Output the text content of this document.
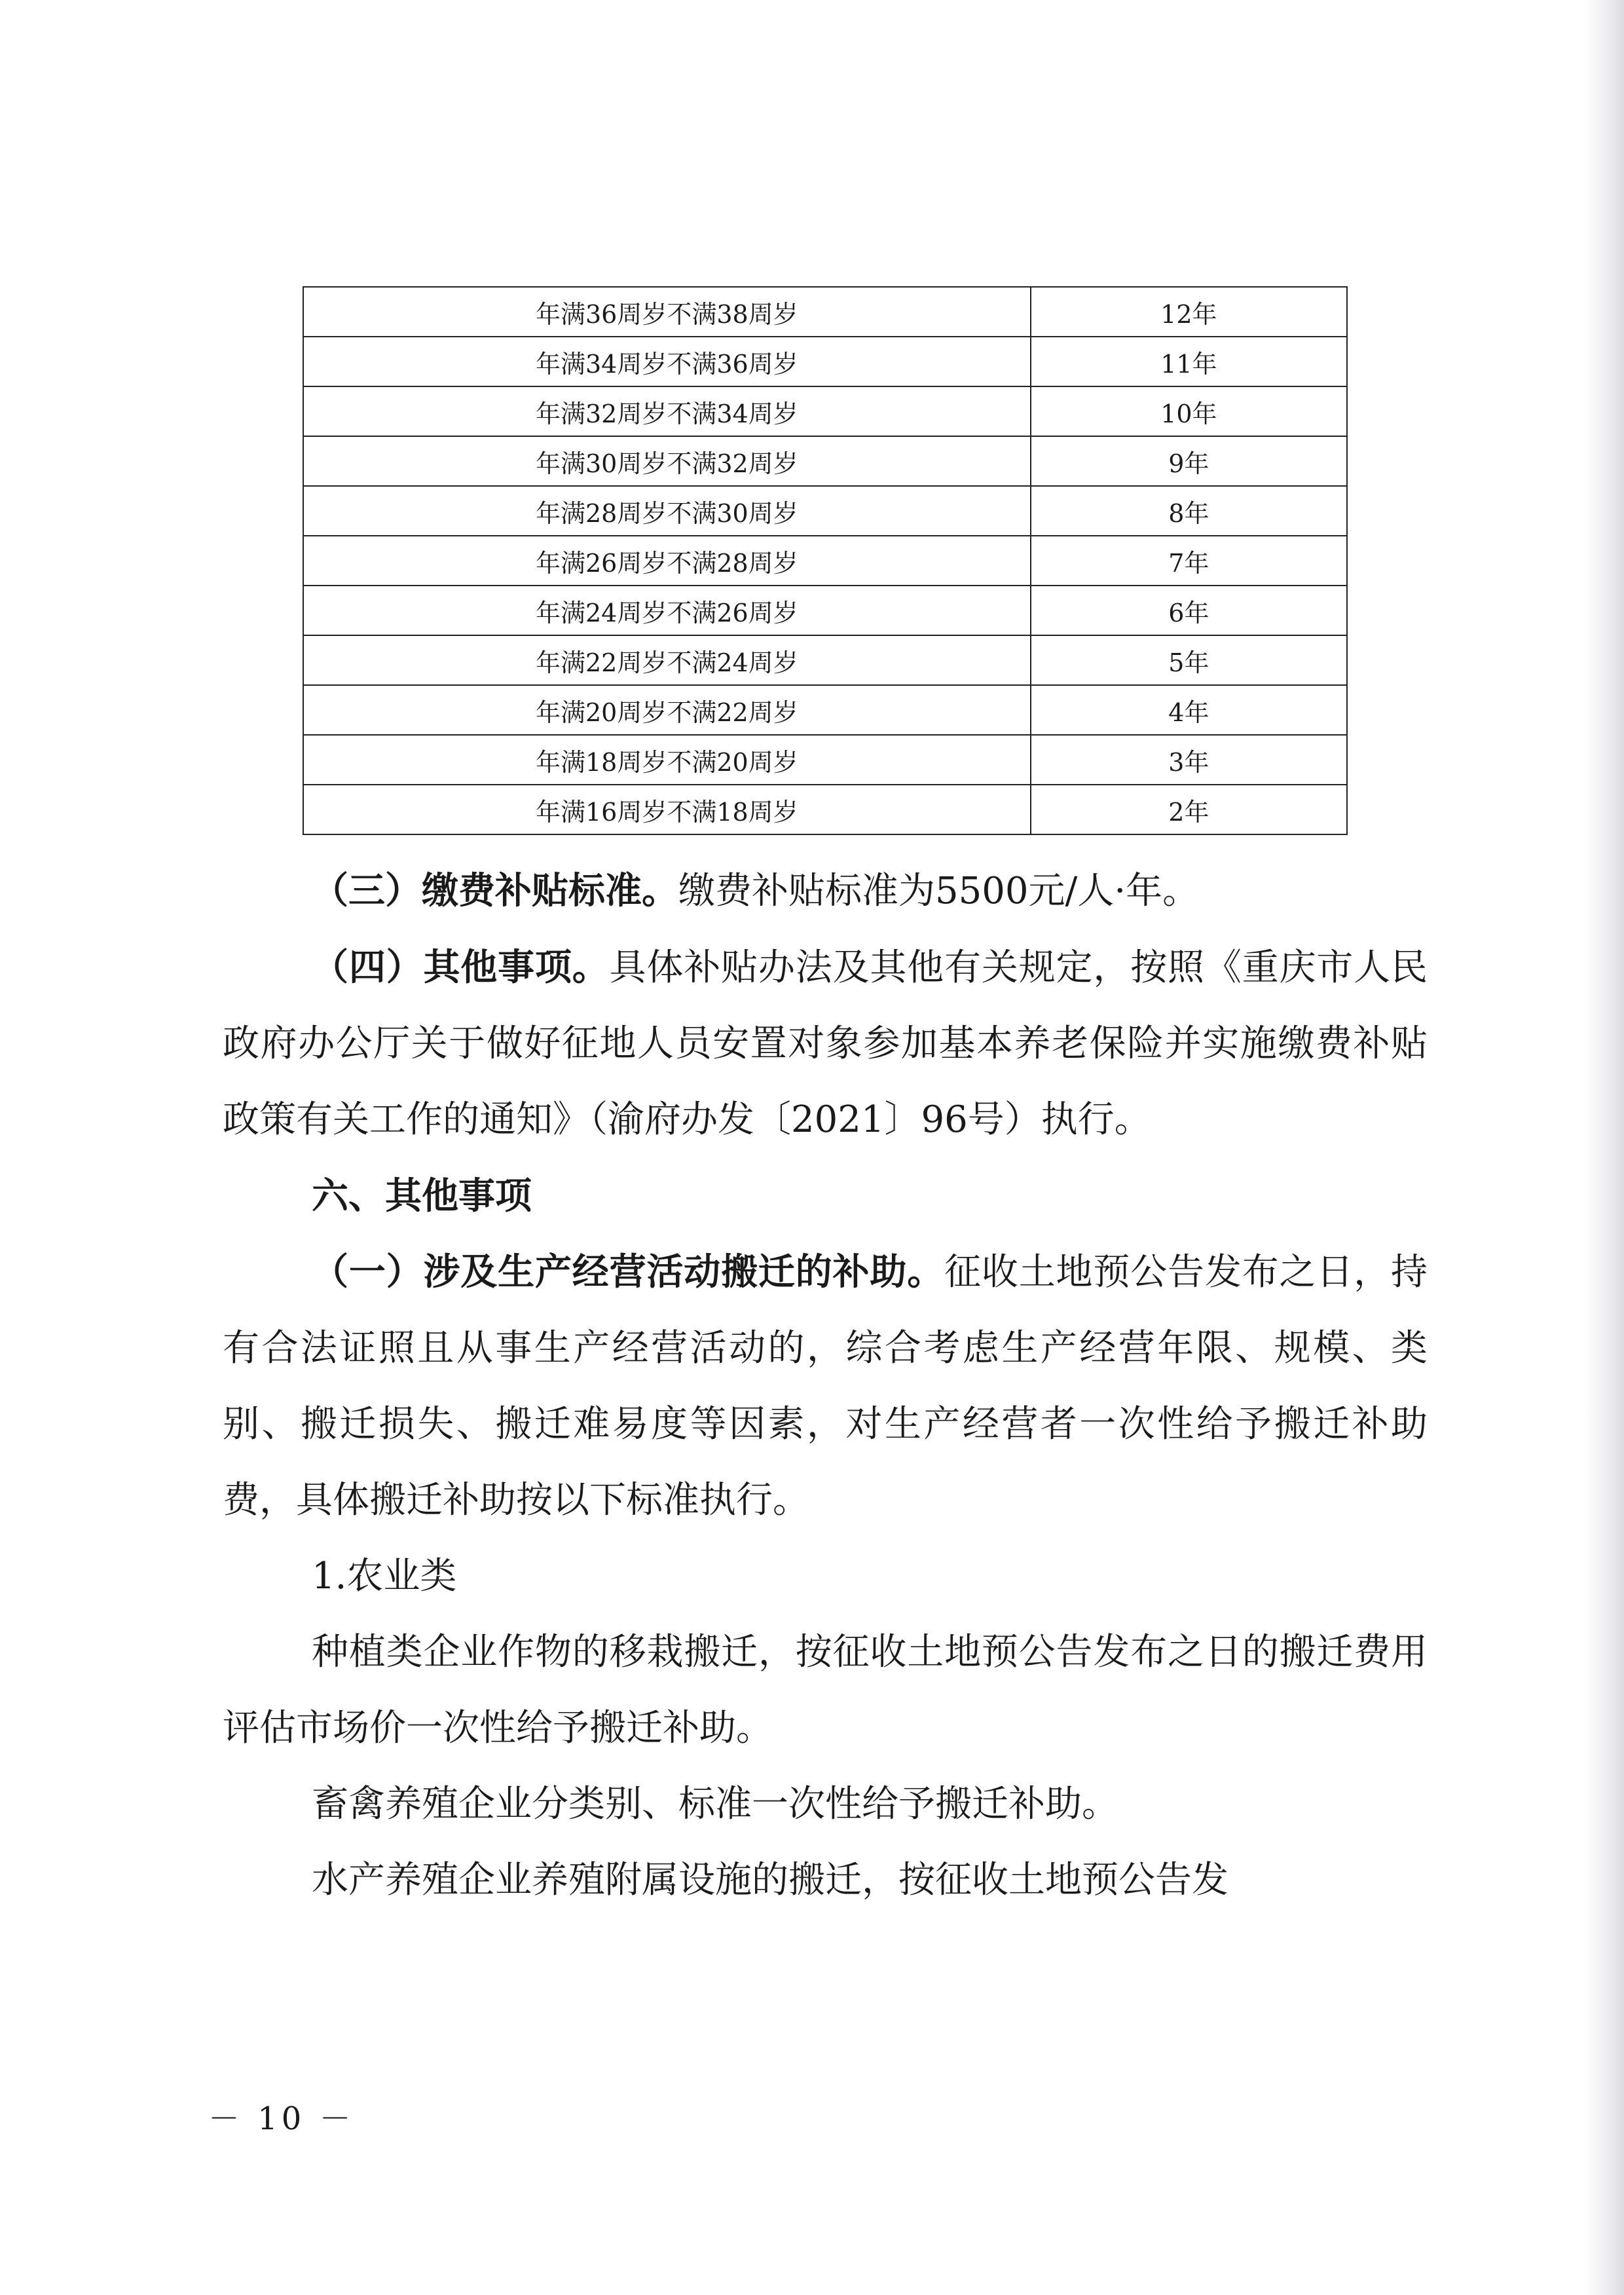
年满36周岁不满38周岁	12年
年满34周岁不满36周岁	11年
年满32周岁不满34周岁	10年
年满30周岁不满32周岁	9年
年满28周岁不满30周岁	8年
年满26周岁不满28周岁	7年
年满24周岁不满26周岁	6年
年满22周岁不满24周岁	5年
年满20周岁不满22周岁	4年
年满18周岁不满20周岁	3年
年满16周岁不满18周岁	2年

（三）缴费补贴标准。缴费补贴标准为5500元/人·年。

（四）其他事项。具体补贴办法及其他有关规定，按照《重庆市人民政府办公厅关于做好征地人员安置对象参加基本养老保险并实施缴费补贴政策有关工作的通知》（渝府办发〔2021〕96号）执行。

六、其他事项

（一）涉及生产经营活动搬迁的补助。征收土地预公告发布之日，持有合法证照且从事生产经营活动的，综合考虑生产经营年限、规模、类别、搬迁损失、搬迁难易度等因素，对生产经营者一次性给予搬迁补助费，具体搬迁补助按以下标准执行。

1.农业类

种植类企业作物的移栽搬迁，按征收土地预公告发布之日的搬迁费用评估市场价一次性给予搬迁补助。

畜禽养殖企业分类别、标准一次性给予搬迁补助。

水产养殖企业养殖附属设施的搬迁，按征收土地预公告发

－ 10 －
